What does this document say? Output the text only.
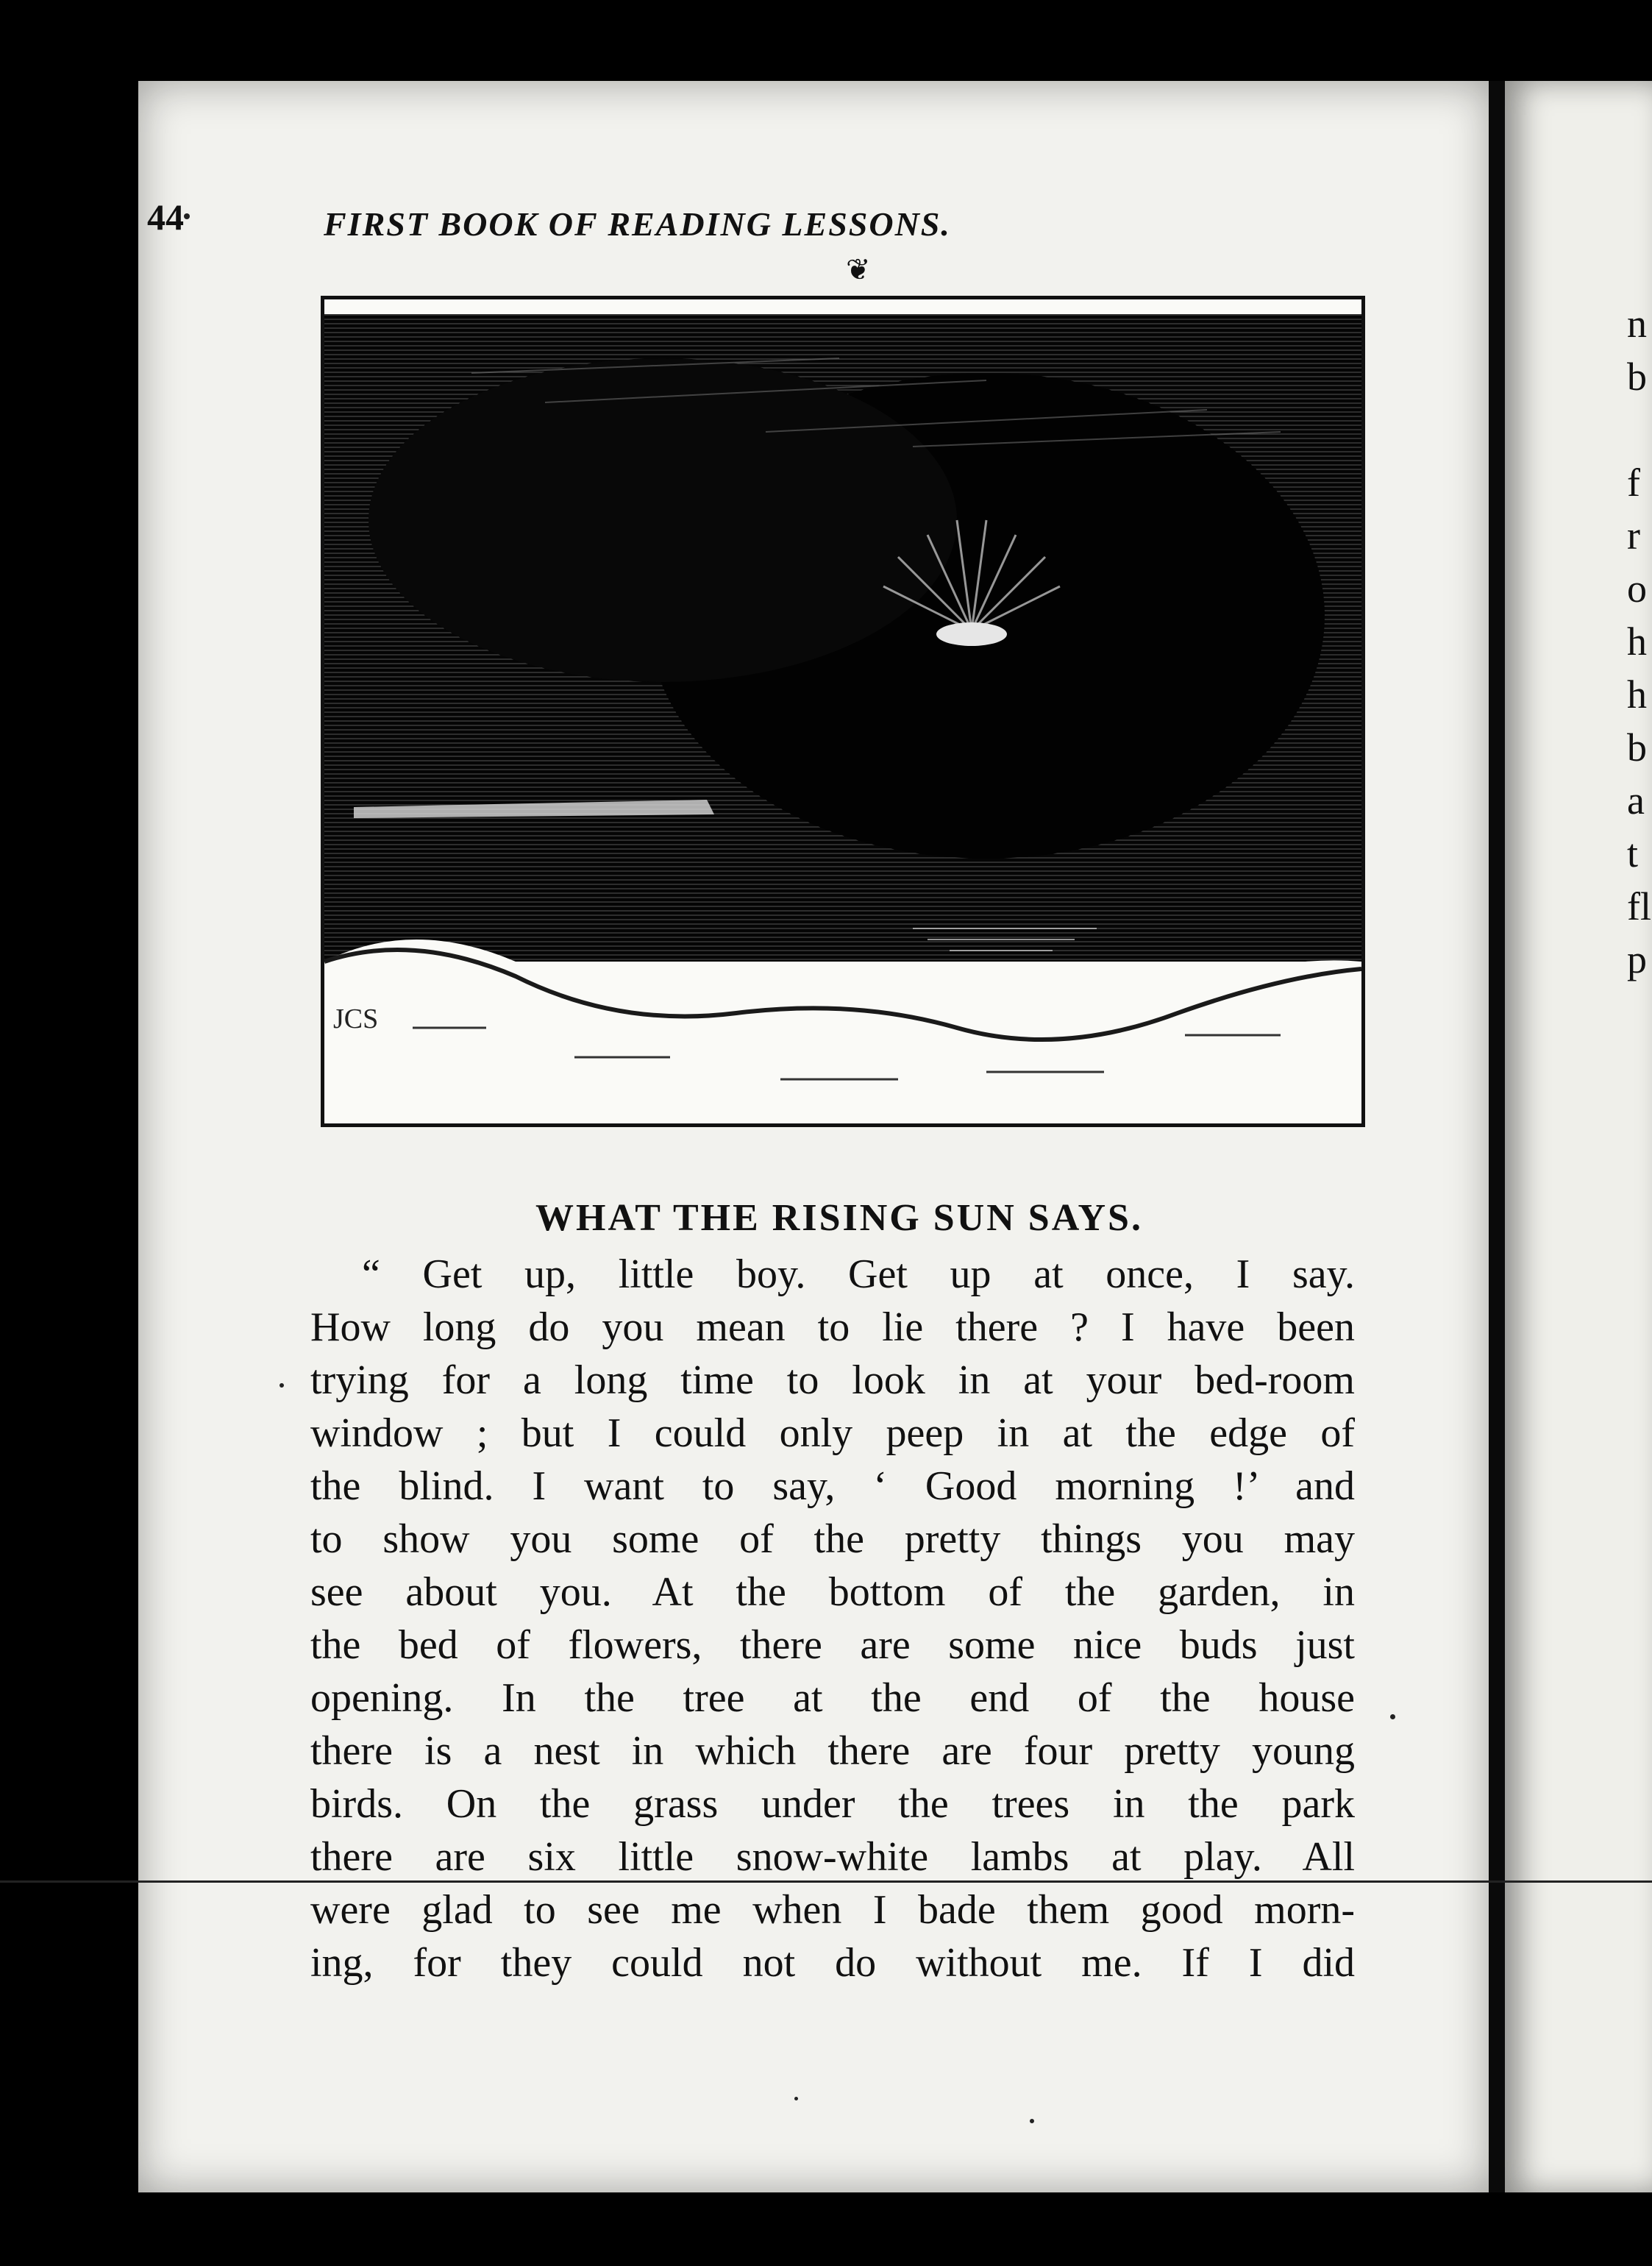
44	FIRST BOOK OF READING LESSONS.
❦
JCS
WHAT THE RISING SUN SAYS.
“ Get up, little boy. Get up at once, I say.
How long do you mean to lie there ? I have been
trying for a long time to look in at your bed-room
window ; but I could only peep in at the edge of
the blind. I want to say, ‘ Good morning !’ and
to show you some of the pretty things you may
see about you. At the bottom of the garden, in
the bed of flowers, there are some nice buds just
opening. In the tree at the end of the house
there is a nest in which there are four pretty young
birds. On the grass under the trees in the park
there are six little snow-white lambs at play. All
were glad to see me when I bade them good morn-
ing, for they could not do without me. If I did
n
b
f
r
o
h
h
b
a
t
fl
p
